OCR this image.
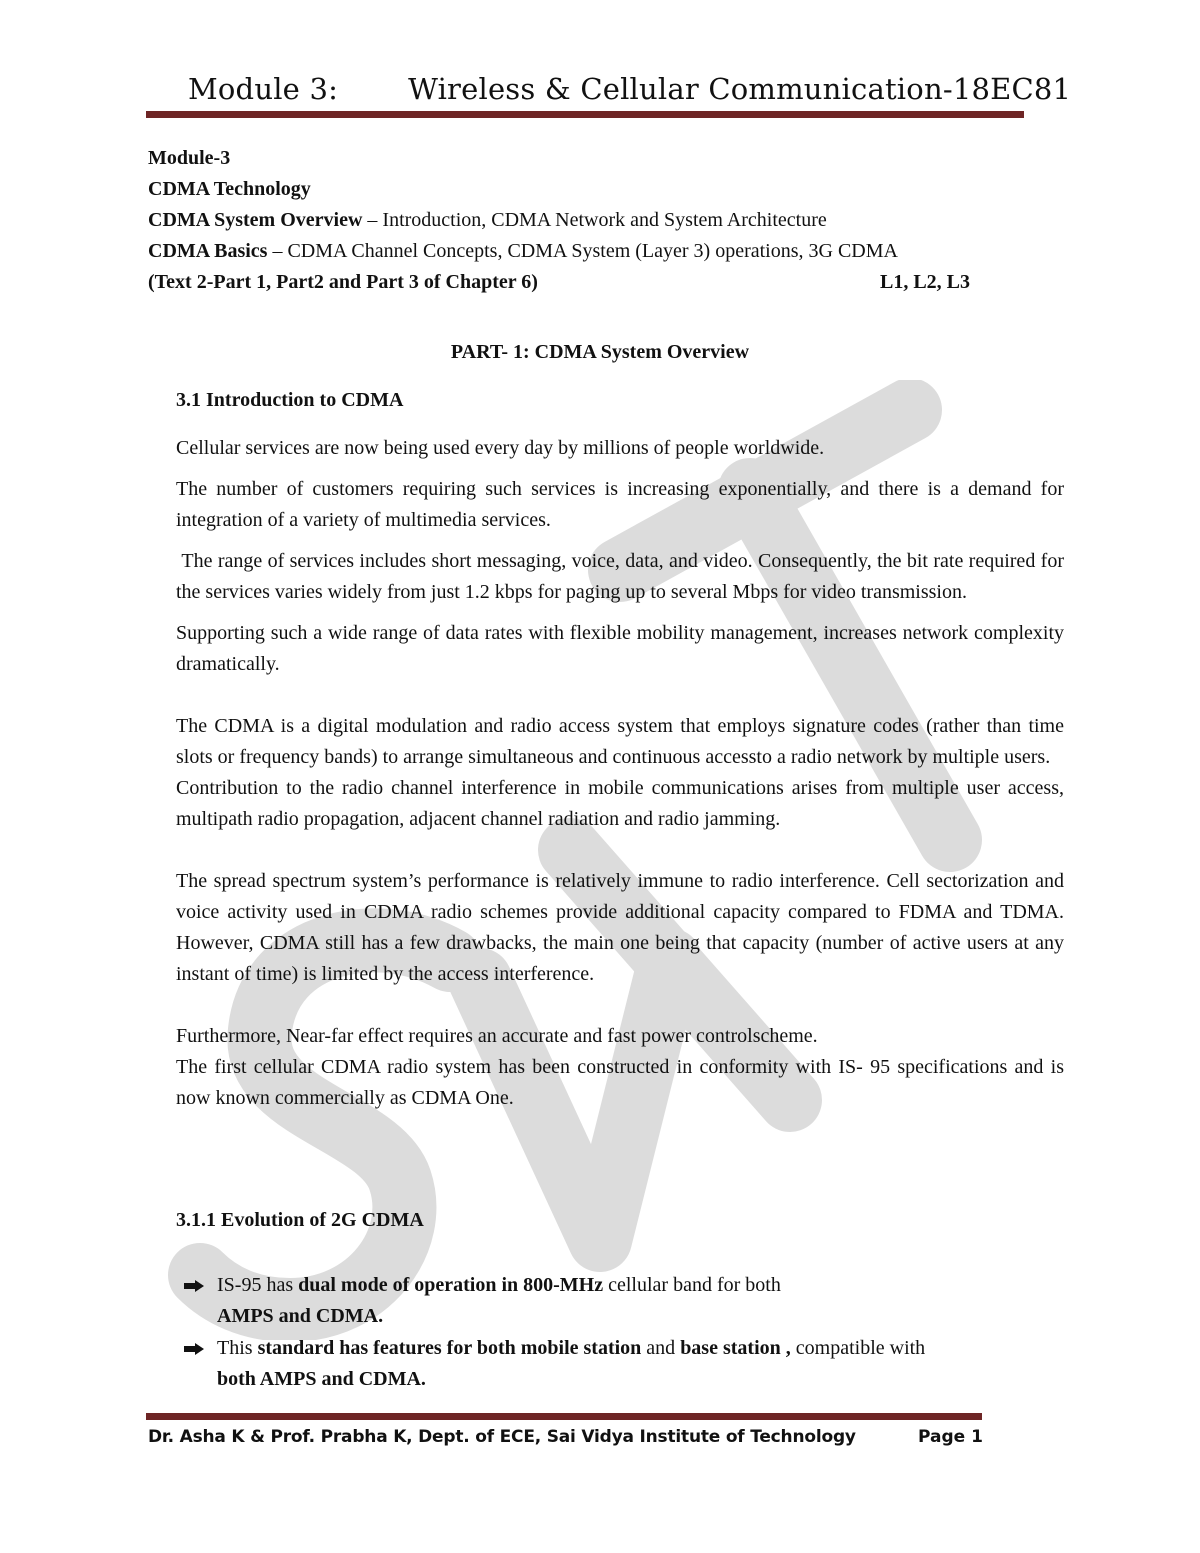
Module 3: Wireless & Cellular Communication-18EC81
Module-3
CDMA Technology
CDMA System Overview – Introduction, CDMA Network and System Architecture
CDMA Basics – CDMA Channel Concepts, CDMA System (Layer 3) operations, 3G CDMA
(Text 2-Part 1, Part2 and Part 3 of Chapter 6)	L1, L2, L3
PART- 1: CDMA System Overview
3.1 Introduction to CDMA

Cellular services are now being used every day by millions of people worldwide.

The number of customers requiring such services is increasing exponentially, and there is a demand for integration of a variety of multimedia services.

The range of services includes short messaging, voice, data, and video. Consequently, the bit rate required for the services varies widely from just 1.2 kbps for paging up to several Mbps for video transmission.

Supporting such a wide range of data rates with flexible mobility management, increases network complexity dramatically.

The CDMA is a digital modulation and radio access system that employs signature codes (rather than time slots or frequency bands) to arrange simultaneous and continuous accessto a radio network by multiple users.

Contribution to the radio channel interference in mobile communications arises from multiple user access, multipath radio propagation, adjacent channel radiation and radio jamming.

The spread spectrum system’s performance is relatively immune to radio interference. Cell sectorization and voice activity used in CDMA radio schemes provide additional capacity compared to FDMA and TDMA. However, CDMA still has a few drawbacks, the main one being that capacity (number of active users at any instant of time) is limited by the access interference.

Furthermore, Near-far effect requires an accurate and fast power controlscheme.

The first cellular CDMA radio system has been constructed in conformity with IS- 95 specifications and is now known commercially as CDMA One.

3.1.1 Evolution of 2G CDMA
IS-95 has dual mode of operation in 800-MHz cellular band for both
AMPS and CDMA.
This standard has features for both mobile station and base station , compatible with
both AMPS and CDMA.
Dr. Asha K & Prof. Prabha K, Dept. of ECE, Sai Vidya Institute of Technology	Page 1
